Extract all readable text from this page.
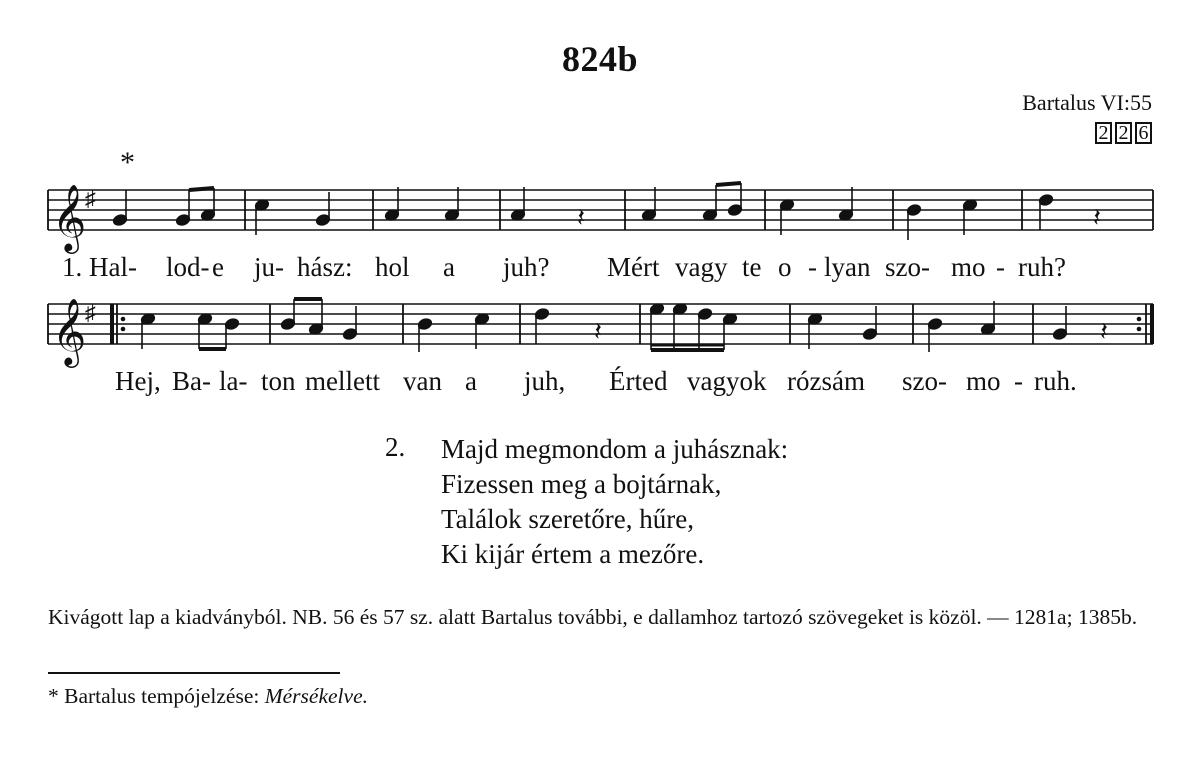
824b
Bartalus VI:55
2 2 6
*
𝄞
♯
𝄽	𝄽
1. Hal- lod- e ju- hász: hol a juh? Mért vagy te o - lyan szo- mo - ruh?
𝄞
♯
𝄽	𝄽
Hej, Ba- la- ton mellett van a juh, Érted vagyok rózsám szo- mo - ruh.
2. Majd megmondom a juhásznak:
Fizessen meg a bojtárnak,
Találok szeretőre, hűre,
Ki kijár értem a mezőre.
Kivágott lap a kiadványból. NB. 56 és 57 sz. alatt Bartalus további, e dallamhoz tartozó szövegeket is közöl. — 1281a; 1385b.
* Bartalus tempójelzése: Mérsékelve.
